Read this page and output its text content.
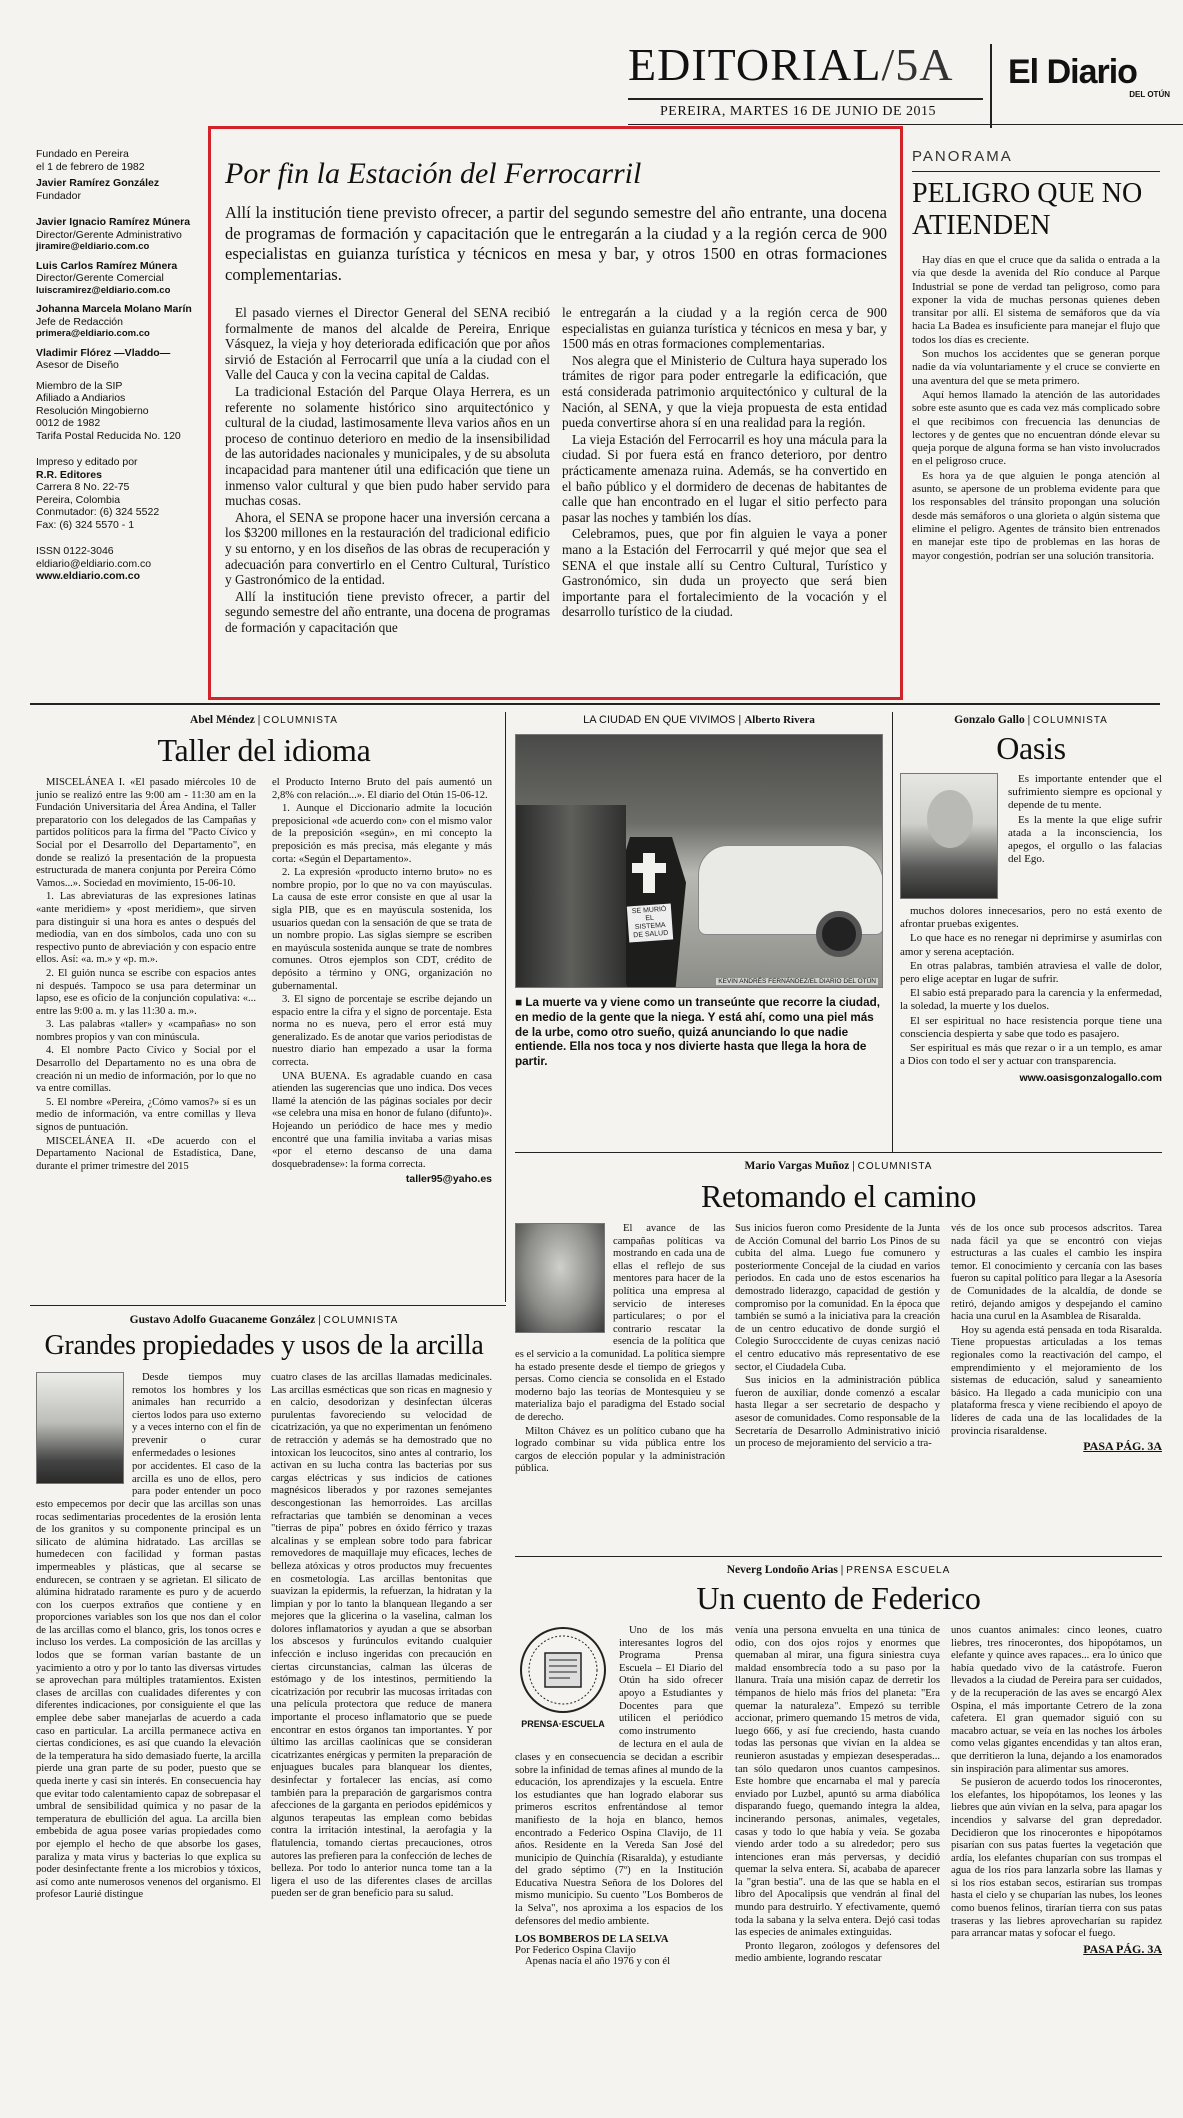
EDITORIAL/5A El Diario
DEL OTÚN
PEREIRA, MARTES 16 DE JUNIO DE 2015
Fundado en Pereira
el 1 de febrero de 1982
Javier Ramírez González
Fundador
Javier Ignacio Ramírez Múnera
Director/Gerente Administrativo
jiramire@eldiario.com.co
Luis Carlos Ramírez Múnera
Director/Gerente Comercial
luiscramirez@eldiario.com.co
Johanna Marcela Molano Marín
Jefe de Redacción
primera@eldiario.com.co
Vladimir Flórez —Vladdo—
Asesor de Diseño
Miembro de la SIP
Afiliado a Andiarios
Resolución Mingobierno
0012 de 1982
Tarifa Postal Reducida No. 120
Impreso y editado por
R.R. Editores
Carrera 8 No. 22-75
Pereira, Colombia
Conmutador: (6) 324 5522
Fax: (6) 324 5570 - 1
ISSN 0122-3046
eldiario@eldiario.com.co
www.eldiario.com.co
Por fin la Estación del Ferrocarril
Allí la institución tiene previsto ofrecer, a partir del segundo semestre del año entrante, una docena de programas de formación y capacitación que le entregarán a la ciudad y a la región cerca de 900 especialistas en guianza turística y técnicos en mesa y bar, y otros 1500 en otras formaciones complementarias.

El pasado viernes el Director General del SENA recibió formalmente de manos del alcalde de Pereira, Enrique Vásquez, la vieja y hoy deteriorada edificación que por años sirvió de Estación al Ferrocarril que unía a la ciudad con el Valle del Cauca y con la vecina capital de Caldas.

La tradicional Estación del Parque Olaya Herrera, es un referente no solamente histórico sino arquitectónico y cultural de la ciudad, lastimosamente lleva varios años en un proceso de continuo deterioro en medio de la insensibilidad de las autoridades nacionales y municipales, y de su absoluta incapacidad para mantener útil una edificación que tiene un inmenso valor cultural y que bien pudo haber servido para muchas cosas.

Ahora, el SENA se propone hacer una inversión cercana a los $3200 millones en la restauración del tradicional edificio y su entorno, y en los diseños de las obras de recuperación y adecuación para convertirlo en el Centro Cultural, Turístico y Gastronómico de la entidad.

Allí la institución tiene previsto ofrecer, a partir del segundo semestre del año entrante, una docena de programas de formación y capacitación que

le entregarán a la ciudad y a la región cerca de 900 especialistas en guianza turística y técnicos en mesa y bar, y 1500 más en otras formaciones complementarias.

Nos alegra que el Ministerio de Cultura haya superado los trámites de rigor para poder entregarle la edificación, que está considerada patrimonio arquitectónico y cultural de la Nación, al SENA, y que la vieja propuesta de esta entidad pueda convertirse ahora sí en una realidad para la región.

La vieja Estación del Ferrocarril es hoy una mácula para la ciudad. Si por fuera está en franco deterioro, por dentro prácticamente amenaza ruina. Además, se ha convertido en el baño público y el dormidero de decenas de habitantes de calle que han encontrado en el lugar el sitio perfecto para pasar las noches y también los días.

Celebramos, pues, que por fin alguien le vaya a poner mano a la Estación del Ferrocarril y qué mejor que sea el SENA el que instale allí su Centro Cultural, Turístico y Gastronómico, sin duda un proyecto que será bien importante para el fortalecimiento de la vocación y el desarrollo turístico de la ciudad.

PANORAMA
PELIGRO QUE NO ATIENDEN

Hay días en que el cruce que da salida o entrada a la vía que desde la avenida del Río conduce al Parque Industrial se pone de verdad tan peligroso, como para exponer la vida de muchas personas quienes deben transitar por allí. El sistema de semáforos que da vía hacia La Badea es insuficiente para manejar el flujo que todos los días es creciente.

Son muchos los accidentes que se generan porque nadie da vía voluntariamente y el cruce se convierte en una aventura del que se meta primero.

Aquí hemos llamado la atención de las autoridades sobre este asunto que es cada vez más complicado sobre el que recibimos con frecuencia las denuncias de lectores y de gentes que no encuentran dónde elevar su queja porque de alguna forma se han visto involucrados en el peligroso cruce.

Es hora ya de que alguien le ponga atención al asunto, se apersone de un problema evidente para que los responsables del tránsito propongan una solución desde más semáforos o una glorieta o algún sistema que elimine el peligro. Agentes de tránsito bien entrenados en manejar este tipo de problemas en las horas de mayor congestión, podrían ser una solución transitoria.

Abel Méndez | COLUMNISTA
Taller del idioma

MISCELÁNEA I. «El pasado miércoles 10 de junio se realizó entre las 9:00 am - 11:30 am en la Fundación Universitaria del Área Andina, el Taller preparatorio con los delegados de las Campañas y partidos políticos para la firma del "Pacto Cívico y Social por el Desarrollo del Departamento", en donde se realizó la presentación de la propuesta estructurada de manera conjunta por Pereira Cómo Vamos...». Sociedad en movimiento, 15-06-10.

1. Las abreviaturas de las expresiones latinas «ante meridiem» y «post meridiem», que sirven para distinguir si una hora es antes o después del mediodía, van en dos símbolos, cada uno con su respectivo punto de abreviación y con espacio entre ellos. Así: «a. m.» y «p. m.».

2. El guión nunca se escribe con espacios antes ni después. Tampoco se usa para determinar un lapso, ese es oficio de la conjunción copulativa: «... entre las 9:00 a. m. y las 11:30 a. m.».

3. Las palabras «taller» y «campañas» no son nombres propios y van con minúscula.

4. El nombre Pacto Cívico y Social por el Desarrollo del Departamento no es una obra de creación ni un medio de información, por lo que no va entre comillas.

5. El nombre «Pereira, ¿Cómo vamos?» sí es un medio de información, va entre comillas y lleva signos de puntuación.

MISCELÁNEA II. «De acuerdo con el Departamento Nacional de Estadística, Dane, durante el primer trimestre del 2015

el Producto Interno Bruto del país aumentó un 2,8% con relación...». El diario del Otún 15-06-12.

1. Aunque el Diccionario admite la locución preposicional «de acuerdo con» con el mismo valor de la preposición «según», en mi concepto la preposición es más precisa, más elegante y más corta: «Según el Departamento».

2. La expresión «producto interno bruto» no es nombre propio, por lo que no va con mayúsculas. La causa de este error consiste en que al usar la sigla PIB, que es en mayúscula sostenida, los usuarios quedan con la sensación de que se trata de un nombre propio. Las siglas siempre se escriben en mayúscula sostenida aunque se trate de nombres comunes. Otros ejemplos son CDT, crédito de depósito a término y ONG, organización no gubernamental.

3. El signo de porcentaje se escribe dejando un espacio entre la cifra y el signo de porcentaje. Esta norma no es nueva, pero el error está muy generalizado. Es de anotar que varios periodistas de nuestro diario han empezado a usar la forma correcta.

UNA BUENA. Es agradable cuando en casa atienden las sugerencias que uno indica. Dos veces llamé la atención de las páginas sociales por decir «se celebra una misa en honor de fulano (difunto)». Hojeando un periódico de hace mes y medio encontré que una familia invitaba a varias misas «por el eterno descanso de una dama dosquebradense»: la forma correcta.

taller95@yaho.es
LA CIUDAD EN QUE VIVIMOS | Alberto Rivera
SE MURIÓ EL SISTEMA DE SALUD
KEVIN ANDRÉS FERNÁNDEZ/EL DIARIO DEL OTÚN
■ La muerte va y viene como un transeúnte que recorre la ciudad, en medio de la gente que la niega. Y está ahí, como una piel más de la urbe, como otro sueño, quizá anunciando lo que nadie entiende. Ella nos toca y nos divierte hasta que llega la hora de partir.
Gonzalo Gallo | COLUMNISTA
Oasis

Es importante entender que el sufrimiento siempre es opcional y depende de tu mente.

Es la mente la que elige sufrir atada a la inconsciencia, los apegos, el orgullo o las falacias del Ego.

muchos dolores innecesarios, pero no está exento de afrontar pruebas exigentes.

Lo que hace es no renegar ni deprimirse y asumirlas con amor y serena aceptación.

En otras palabras, también atraviesa el valle de dolor, pero elige aceptar en lugar de sufrir.

El sabio está preparado para la carencia y la enfermedad, la soledad, la muerte y los duelos.

El ser espiritual no hace resistencia porque tiene una consciencia despierta y sabe que todo es pasajero.

Ser espiritual es más que rezar o ir a un templo, es amar a Dios con todo el ser y actuar con transparencia.

www.oasisgonzalogallo.com
Mario Vargas Muñoz | COLUMNISTA
Retomando el camino

El avance de las campañas políticas va mostrando en cada una de ellas el reflejo de sus mentores para hacer de la política una empresa al servicio de intereses particulares; o por el contrario rescatar la esencia de la política que es el servicio a la comunidad. La política siempre ha estado presente desde el tiempo de griegos y persas. Como ciencia se consolida en el Estado moderno bajo las teorías de Montesquieu y se materializa bajo el paradigma del Estado social de derecho.

Milton Chávez es un político cubano que ha logrado combinar su vida pública entre los cargos de elección popular y la administración pública.

Sus inicios fueron como Presidente de la Junta de Acción Comunal del barrio Los Pinos de su cubita del alma. Luego fue comunero y posteriormente Concejal de la ciudad en varios periodos. En cada uno de estos escenarios ha demostrado liderazgo, capacidad de gestión y compromiso por la comunidad. En la época que también se sumó a la iniciativa para la creación de un centro educativo de donde surgió el Colegio Surocccidente de cuyas cenizas nació el centro educativo más representativo de ese sector, el Ciudadela Cuba.

Sus inicios en la administración pública fueron de auxiliar, donde comenzó a escalar hasta llegar a ser secretario de despacho y asesor de comunidades. Como responsable de la Secretaría de Desarrollo Administrativo inició un proceso de mejoramiento del servicio a tra-

vés de los once sub procesos adscritos. Tarea nada fácil ya que se encontró con viejas estructuras a las cuales el cambio les inspira temor. El conocimiento y cercanía con las bases fueron su capital político para llegar a la Asesoría de Comunidades de la alcaldía, de donde se retiró, dejando amigos y despejando el camino hacia una curul en la Asamblea de Risaralda.

Hoy su agenda está pensada en toda Risaralda. Tiene propuestas articuladas a los temas regionales como la reactivación del campo, el emprendimiento y el mejoramiento de los sistemas de educación, salud y saneamiento básico. Ha llegado a cada municipio con una plataforma fresca y viene recibiendo el apoyo de líderes de cada una de las localidades de la provincia risaraldense.

PASA PÁG. 3A
Gustavo Adolfo Guacaneme González | COLUMNISTA
Grandes propiedades y usos de la arcilla

Desde tiempos muy remotos los hombres y los animales han recurrido a ciertos lodos para uso externo y a veces interno con el fin de prevenir o curar enfermedades o lesiones

por accidentes. El caso de la arcilla es uno de ellos, pero para poder entender un poco esto empecemos por decir que las arcillas son unas rocas sedimentarias procedentes de la erosión lenta de los granitos y su componente principal es un silicato de alúmina hidratado. Las arcillas se humedecen con facilidad y forman pastas impermeables y plásticas, que al secarse se endurecen, se contraen y se agrietan. El silicato de alúmina hidratado raramente es puro y de acuerdo con los cuerpos extraños que contiene y en proporciones variables son los que nos dan el color de las arcillas como el blanco, gris, los tonos ocres e incluso los verdes. La composición de las arcillas y lodos que se forman varían bastante de un yacimiento a otro y por lo tanto las diversas virtudes se aprovechan para múltiples tratamientos. Existen clases de arcillas con cualidades diferentes y con diferentes indicaciones, por consiguiente el que las emplee debe saber manejarlas de acuerdo a cada caso en particular. La arcilla permanece activa en ciertas condiciones, es así que cuando la elevación de la temperatura ha sido demasiado fuerte, la arcilla pierde una gran parte de su poder, puesto que se queda inerte y casi sin interés. En consecuencia hay que evitar todo calentamiento capaz de sobrepasar el umbral de sensibilidad química y no pasar de la temperatura de ebullición del agua. La arcilla bien embebida de agua posee varias propiedades como por ejemplo el hecho de que absorbe los gases, paraliza y mata virus y bacterias lo que explica su poder desinfectante frente a los microbios y tóxicos, así como ante numerosos venenos del organismo. El profesor Laurié distingue

cuatro clases de las arcillas llamadas medicinales. Las arcillas esmécticas que son ricas en magnesio y en calcio, desodorizan y desinfectan úlceras purulentas favoreciendo su velocidad de cicatrización, ya que no experimentan un fenómeno de retracción y además se ha demostrado que no intoxican los leucocitos, sino antes al contrario, los activan en su lucha contra las bacterias por sus cargas eléctricas y sus indicios de cationes magnésicos liberados y por razones semejantes descongestionan las hemorroides. Las arcillas refractarias que también se denominan a veces "tierras de pipa" pobres en óxido férrico y trazas alcalinas y se emplean sobre todo para fabricar removedores de maquillaje muy eficaces, leches de belleza atóxicas y otros productos muy frecuentes en cosmetología. Las arcillas bentonitas que suavizan la epidermis, la refuerzan, la hidratan y la limpian y por lo tanto la blanquean llegando a ser mejores que la glicerina o la vaselina, calman los dolores inflamatorios y ayudan a que se absorban los abscesos y furúnculos evitando cualquier infección e incluso ingeridas con precaución en ciertas circunstancias, calman las úlceras de estómago y de los intestinos, permitiendo la cicatrización por recubrir las mucosas irritadas con una película protectora que reduce de manera importante el proceso inflamatorio que se puede encontrar en estos órganos tan importantes. Y por último las arcillas caolínicas que se consideran cicatrizantes enérgicas y permiten la preparación de enjuagues bucales para blanquear los dientes, desinfectar y fortalecer las encías, así como también para la preparación de gargarismos contra afecciones de la garganta en periodos epidémicos y algunos terapeutas las emplean como bebidas contra la irritación intestinal, la aerofagia y la flatulencia, tomando ciertas precauciones, otros autores las prefieren para la confección de leches de belleza. Por todo lo anterior nunca tome tan a la ligera el uso de las diferentes clases de arcillas pueden ser de gran beneficio para su salud.

Neverg Londoño Arias | PRENSA ESCUELA
Un cuento de Federico
PRENSA·ESCUELA

Uno de los más interesantes logros del Programa Prensa Escuela – El Diario del Otún ha sido ofrecer apoyo a Estudiantes y Docentes para que utilicen el periódico como instrumento

de lectura en el aula de clases y en consecuencia se decidan a escribir sobre la infinidad de temas afines al mundo de la educación, los aprendizajes y la escuela. Entre los estudiantes que han logrado elaborar sus primeros escritos enfrentándose al temor manifiesto de la hoja en blanco, hemos encontrado a Federico Ospina Clavijo, de 11 años. Residente en la Vereda San José del municipio de Quinchía (Risaralda), y estudiante del grado séptimo (7º) en la Institución Educativa Nuestra Señora de los Dolores del mismo municipio. Su cuento "Los Bomberos de la Selva", nos aproxima a los espacios de los defensores del medio ambiente.

LOS BOMBEROS DE LA SELVA
Por Federico Ospina Clavijo

Apenas nacía el año 1976 y con él

venía una persona envuelta en una túnica de odio, con dos ojos rojos y enormes que quemaban al mirar, una figura siniestra cuya maldad ensombrecía todo a su paso por la llanura. Traía una misión capaz de derretir los témpanos de hielo más fríos del planeta: "Era quemar la naturaleza". Empezó su terrible accionar, primero quemando 15 metros de vida, luego 666, y así fue creciendo, hasta cuando todas las personas que vivían en la aldea se reunieron asustadas y empiezan desesperadas... tan sólo quedaron unos cuantos campesinos. Este hombre que encarnaba el mal y parecía enviado por Luzbel, apuntó su arma diabólica disparando fuego, quemando íntegra la aldea, incinerando personas, animales, vegetales, casas y todo lo que había y veía. Se gozaba viendo arder todo a su alrededor; pero sus intenciones eran más perversas, y decidió quemar la selva entera. Sí, acababa de aparecer la "gran bestia". una de las que se habla en el libro del Apocalipsis que vendrán al final del mundo para destruirlo. Y efectivamente, quemó toda la sabana y la selva entera. Dejó casi todas las especies de animales extinguidas.

Pronto llegaron, zoólogos y defensores del medio ambiente, logrando rescatar

unos cuantos animales: cinco leones, cuatro liebres, tres rinocerontes, dos hipopótamos, un elefante y quince aves rapaces... era lo único que había quedado vivo de la catástrofe. Fueron llevados a la ciudad de Pereira para ser cuidados, y de la recuperación de las aves se encargó Alex Ospina, el más importante Cetrero de la zona cafetera. El gran quemador siguió con su macabro actuar, se veía en las noches los árboles como velas gigantes encendidas y tan altos eran, que derritieron la luna, dejando a los enamorados sin inspiración para alimentar sus amores.

Se pusieron de acuerdo todos los rinocerontes, los elefantes, los hipopótamos, los leones y las liebres que aún vivían en la selva, para apagar los incendios y salvarse del gran depredador. Decidieron que los rinocerontes e hipopótamos pisarían con sus patas fuertes la vegetación que ardía, los elefantes chuparían con sus trompas el agua de los ríos para lanzarla sobre las llamas y si los ríos estaban secos, estirarían sus trompas hasta el cielo y se chuparían las nubes, los leones como buenos felinos, tirarían tierra con sus patas traseras y las liebres aprovecharían su rapidez para arrancar matas y sofocar el fuego.

PASA PÁG. 3A
